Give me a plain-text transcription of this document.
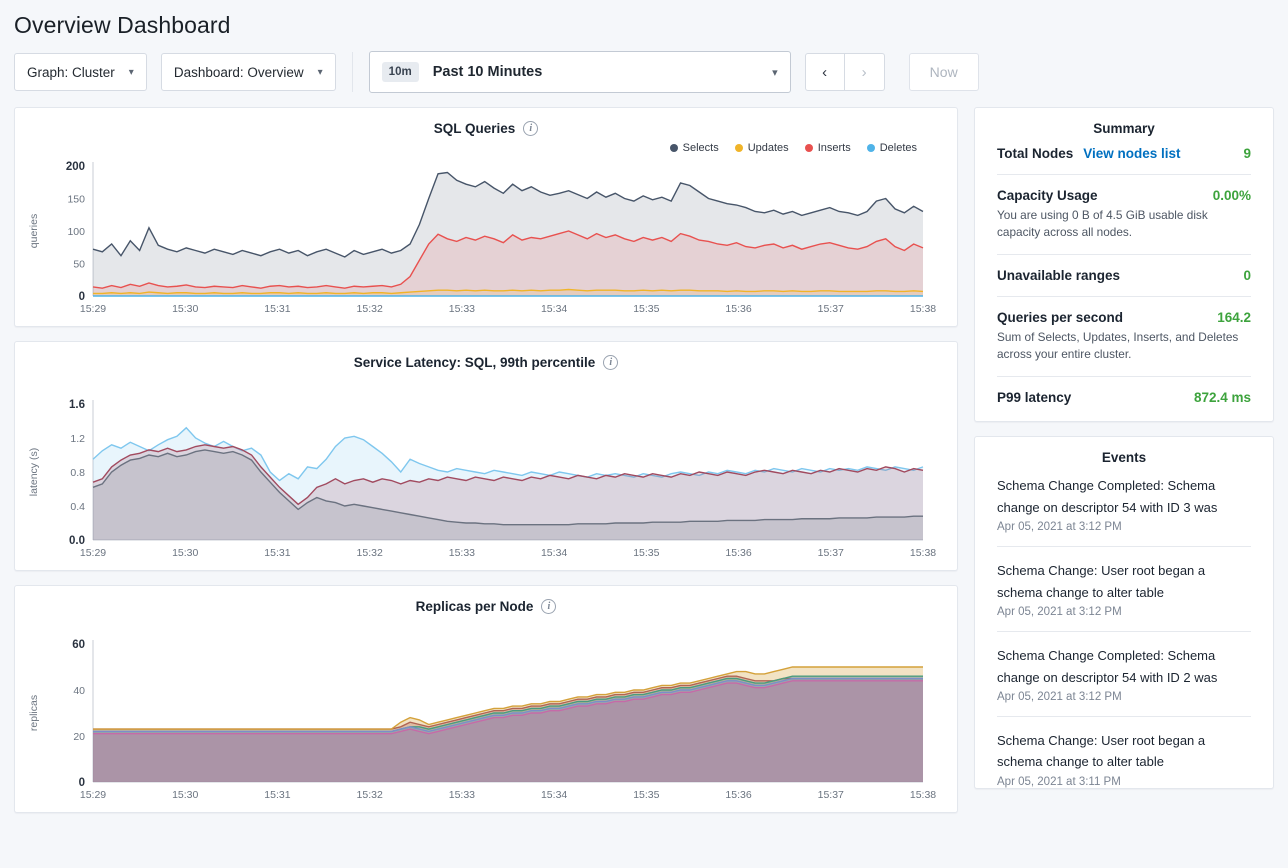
Overview Dashboard
Graph: Cluster ▾	Dashboard: Overview ▾	10m	Past 10 Minutes	▾	‹	›	Now
SQL Queries	i
Selects	Updates	Inserts	Deletes
200
150
100
50
0
queries
15:29	15:30	15:31	15:32	15:33	15:34	15:35	15:36	15:37	15:38
Service Latency: SQL, 99th percentile	i
1.6
1.2
0.8
0.4
0.0
latency (s)
15:29	15:30	15:31	15:32	15:33	15:34	15:35	15:36	15:37	15:38
Replicas per Node	i
60
40
20
0
replicas
15:29	15:30	15:31	15:32	15:33	15:34	15:35	15:36	15:37	15:38
Summary
Total Nodes View nodes list	9
Capacity Usage	0.00%
You are using 0 B of 4.5 GiB usable disk capacity across all nodes.
Unavailable ranges	0
Queries per second	164.2
Sum of Selects, Updates, Inserts, and Deletes across your entire cluster.
P99 latency	872.4 ms
Events
Schema Change Completed: Schema change on descriptor 54 with ID 3 was
Apr 05, 2021 at 3:12 PM
Schema Change: User root began a schema change to alter table
Apr 05, 2021 at 3:12 PM
Schema Change Completed: Schema change on descriptor 54 with ID 2 was
Apr 05, 2021 at 3:12 PM
Schema Change: User root began a schema change to alter table
Apr 05, 2021 at 3:11 PM
